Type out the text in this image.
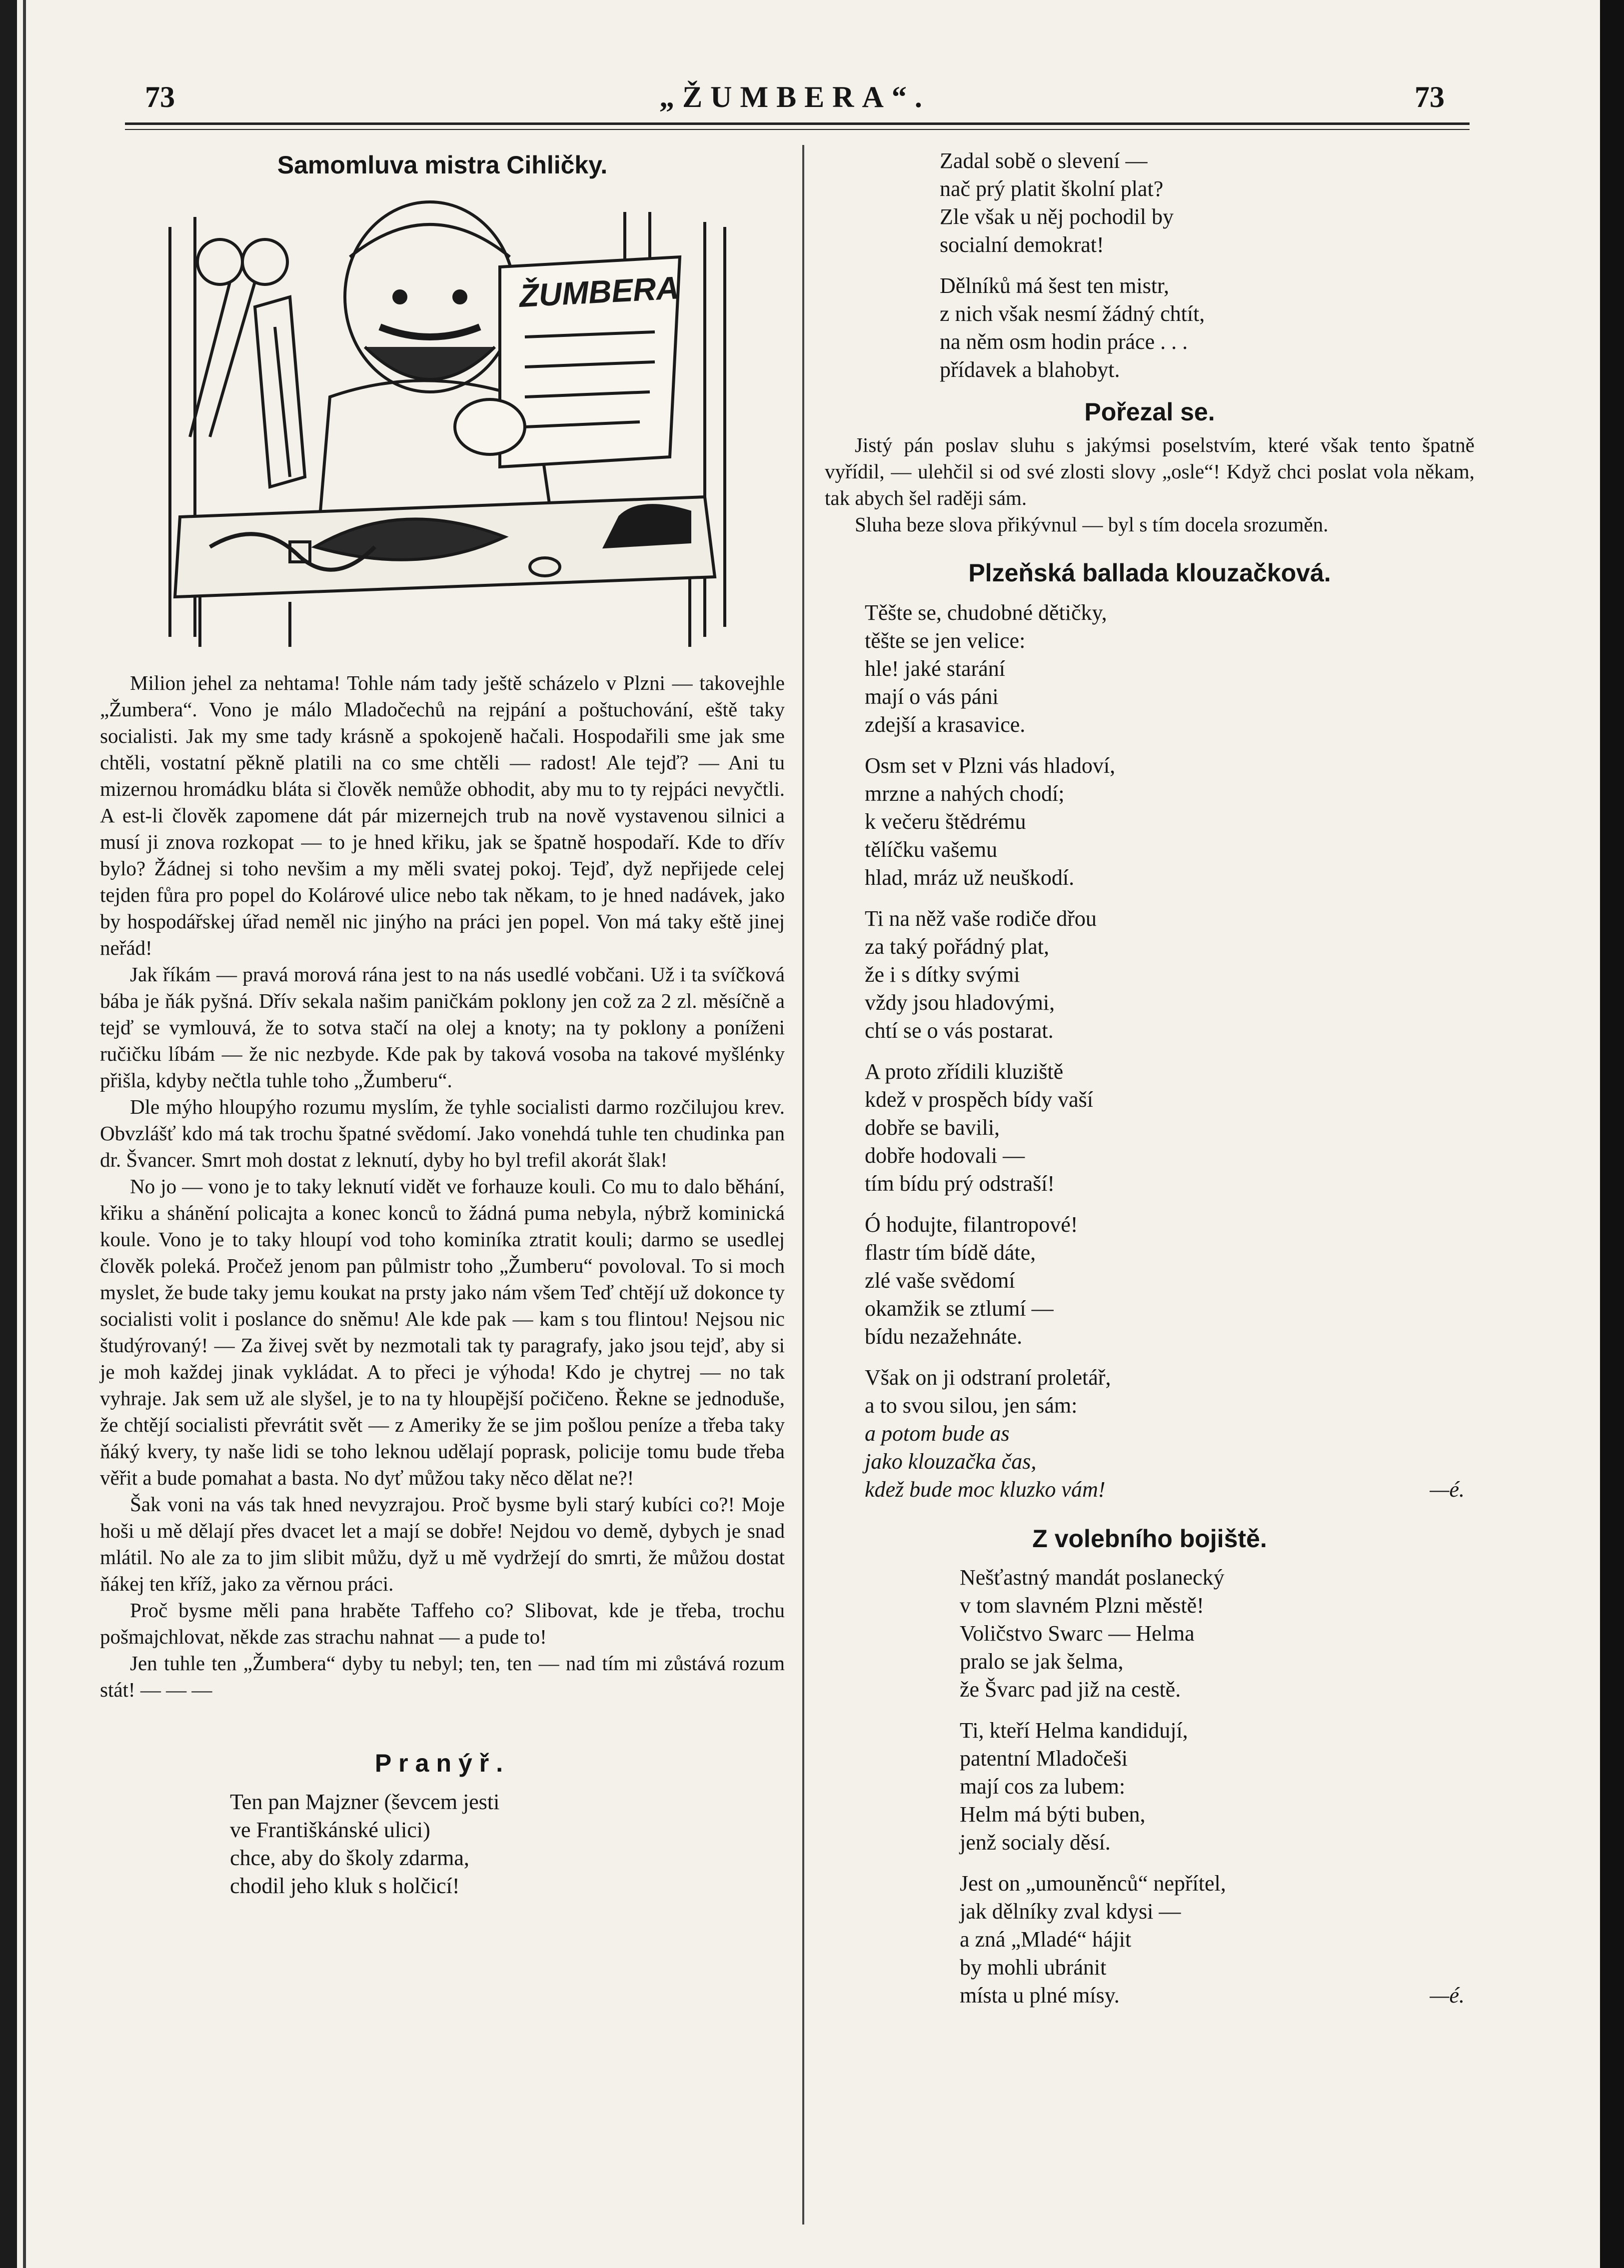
73	„ŽUMBERA“.	73
Samomluva mistra Cihličky.
ŽUMBERA

Milion jehel za nehtama! Tohle nám tady ještě scházelo v Plzni — takovejhle „Žumbera“. Vono je málo Mladočechů na rejpání a poštuchování, eště taky socialisti. Jak my sme tady krásně a spokojeně hačali. Hospodařili sme jak sme chtěli, vostatní pěkně platili na co sme chtěli — radost! Ale tejď? — Ani tu mizernou hromádku bláta si člověk nemůže obhodit, aby mu to ty rejpáci nevyčtli. A est-li člověk zapomene dát pár mizernejch trub na nově vystavenou silnici a musí ji znova rozkopat — to je hned křiku, jak se špatně hospodaří. Kde to dřív bylo? Žádnej si toho nevšim a my měli svatej pokoj. Tejď, dyž nepřijede celej tejden fůra pro popel do Kolárové ulice nebo tak někam, to je hned nadávek, jako by hospodářskej úřad neměl nic jinýho na práci jen popel. Von má taky eště jinej neřád!

Jak říkám — pravá morová rána jest to na nás usedlé vobčani. Už i ta svíčková bába je ňák pyšná. Dřív sekala našim paničkám poklony jen což za 2 zl. měsíčně a tejď se vymlouvá, že to sotva stačí na olej a knoty; na ty poklony a poníženi ručičku líbám — že nic nezbyde. Kde pak by taková vosoba na takové myšlénky přišla, kdyby nečtla tuhle toho „Žumberu“.

Dle mýho hloupýho rozumu myslím, že tyhle socialisti darmo rozčilujou krev. Obvzlášť kdo má tak trochu špatné svědomí. Jako vonehdá tuhle ten chudinka pan dr. Švancer. Smrt moh dostat z leknutí, dyby ho byl trefil akorát šlak!

No jo — vono je to taky leknutí vidět ve forhauze kouli. Co mu to dalo běhání, křiku a shánění policajta a konec konců to žádná puma nebyla, nýbrž kominická koule. Vono je to taky hloupí vod toho kominíka ztratit kouli; darmo se usedlej člověk poleká. Pročež jenom pan půlmistr toho „Žumberu“ povoloval. To si moch myslet, že bude taky jemu koukat na prsty jako nám všem Teď chtějí už dokonce ty socialisti volit i poslance do sněmu! Ale kde pak — kam s tou flintou! Nejsou nic študýrovaný! — Za živej svět by nezmotali tak ty paragrafy, jako jsou tejď, aby si je moh každej jinak vykládat. A to přeci je výhoda! Kdo je chytrej — no tak vyhraje. Jak sem už ale slyšel, je to na ty hloupější počičeno. Řekne se jednoduše, že chtějí socialisti převrátit svět — z Ameriky že se jim pošlou peníze a třeba taky ňáký kvery, ty naše lidi se toho leknou udělají poprask, policije tomu bude třeba věřit a bude pomahat a basta. No dyť můžou taky něco dělat ne?!

Šak voni na vás tak hned nevyzrajou. Proč bysme byli starý kubíci co?! Moje hoši u mě dělají přes dvacet let a mají se dobře! Nejdou vo demě, dybych je snad mlátil. No ale za to jim slibit můžu, dyž u mě vydržejí do smrti, že můžou dostat ňákej ten kříž, jako za věrnou práci.

Proč bysme měli pana hraběte Taffeho co? Slibovat, kde je třeba, trochu pošmajchlovat, někde zas strachu nahnat — a pude to!

Jen tuhle ten „Žumbera“ dyby tu nebyl; ten, ten — nad tím mi zůstává rozum stát! — — —

Pranýř.
Ten pan Majzner (ševcem jesti
ve Františkánské ulici)
chce, aby do školy zdarma,
chodil jeho kluk s holčicí!
Zadal sobě o slevení —
nač prý platit školní plat?
Zle však u něj pochodil by
socialní demokrat!
Dělníků má šest ten mistr,
z nich však nesmí žádný chtít,
na něm osm hodin práce . . .
přídavek a blahobyt.
Pořezal se.

Jistý pán poslav sluhu s jakýmsi poselstvím, které však tento špatně vyřídil, — ulehčil si od své zlosti slovy „osle“! Když chci poslat vola někam, tak abych šel raději sám.

Sluha beze slova přikývnul — byl s tím docela srozuměn.

Plzeňská ballada klouzačková.
Těšte se, chudobné dětičky,
těšte se jen velice:
hle! jaké starání
mají o vás páni
zdejší a krasavice.
Osm set v Plzni vás hladoví,
mrzne a nahých chodí;
k večeru štědrému
tělíčku vašemu
hlad, mráz už neuškodí.
Ti na něž vaše rodiče dřou
za taký pořádný plat,
že i s dítky svými
vždy jsou hladovými,
chtí se o vás postarat.
A proto zřídili kluziště
kdež v prospěch bídy vaší
dobře se bavili,
dobře hodovali —
tím bídu prý odstraší!
Ó hodujte, filantropové!
flastr tím bídě dáte,
zlé vaše svědomí
okamžik se ztlumí —
bídu nezažehnáte.
Však on ji odstraní proletář,
a to svou silou, jen sám:
a potom bude as
jako klouzačka čas,
kdež bude moc kluzko vám!	—é.
Z volebního bojiště.
Nešťastný mandát poslanecký
v tom slavném Plzni městě!
Voličstvo Swarc — Helma
pralo se jak šelma,
že Švarc pad již na cestě.
Ti, kteří Helma kandidují,
patentní Mladočeši
mají cos za lubem:
Helm má býti buben,
jenž socialy děsí.
Jest on „umouněnců“ nepřítel,
jak dělníky zval kdysi —
a zná „Mladé“ hájit
by mohli ubránit
místa u plné mísy.	—é.
